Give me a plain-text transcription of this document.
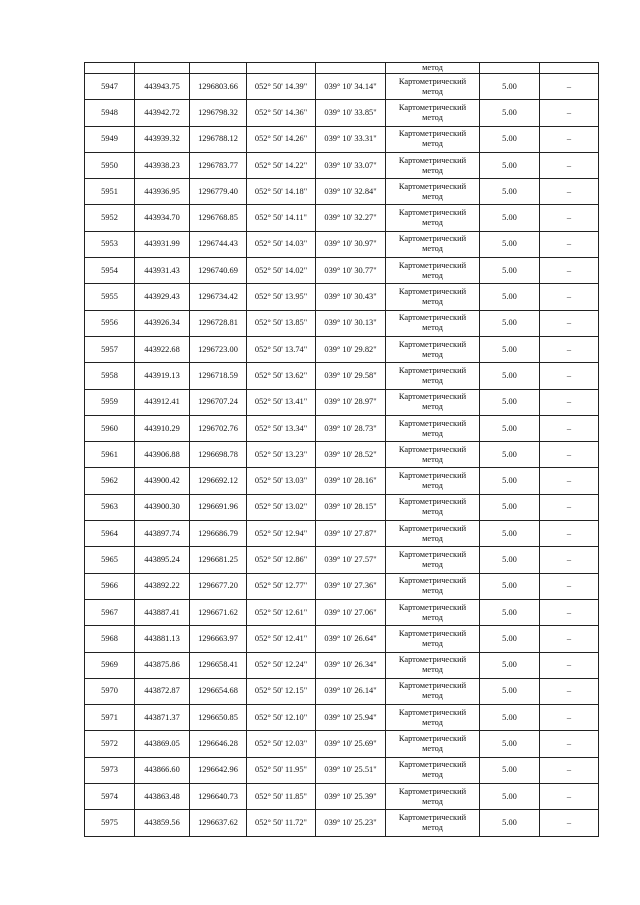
					метод		
5947	443943.75	1296803.66	052° 50' 14.39"	039° 10' 34.14"	Картометрический
метод	5.00	–
5948	443942.72	1296798.32	052° 50' 14.36"	039° 10' 33.85"	Картометрический
метод	5.00	–
5949	443939.32	1296788.12	052° 50' 14.26"	039° 10' 33.31"	Картометрический
метод	5.00	–
5950	443938.23	1296783.77	052° 50' 14.22"	039° 10' 33.07"	Картометрический
метод	5.00	–
5951	443936.95	1296779.40	052° 50' 14.18"	039° 10' 32.84"	Картометрический
метод	5.00	–
5952	443934.70	1296768.85	052° 50' 14.11"	039° 10' 32.27"	Картометрический
метод	5.00	–
5953	443931.99	1296744.43	052° 50' 14.03"	039° 10' 30.97"	Картометрический
метод	5.00	–
5954	443931.43	1296740.69	052° 50' 14.02"	039° 10' 30.77"	Картометрический
метод	5.00	–
5955	443929.43	1296734.42	052° 50' 13.95"	039° 10' 30.43"	Картометрический
метод	5.00	–
5956	443926.34	1296728.81	052° 50' 13.85"	039° 10' 30.13"	Картометрический
метод	5.00	–
5957	443922.68	1296723.00	052° 50' 13.74"	039° 10' 29.82"	Картометрический
метод	5.00	–
5958	443919.13	1296718.59	052° 50' 13.62"	039° 10' 29.58"	Картометрический
метод	5.00	–
5959	443912.41	1296707.24	052° 50' 13.41"	039° 10' 28.97"	Картометрический
метод	5.00	–
5960	443910.29	1296702.76	052° 50' 13.34"	039° 10' 28.73"	Картометрический
метод	5.00	–
5961	443906.88	1296698.78	052° 50' 13.23"	039° 10' 28.52"	Картометрический
метод	5.00	–
5962	443900.42	1296692.12	052° 50' 13.03"	039° 10' 28.16"	Картометрический
метод	5.00	–
5963	443900.30	1296691.96	052° 50' 13.02"	039° 10' 28.15"	Картометрический
метод	5.00	–
5964	443897.74	1296686.79	052° 50' 12.94"	039° 10' 27.87"	Картометрический
метод	5.00	–
5965	443895.24	1296681.25	052° 50' 12.86"	039° 10' 27.57"	Картометрический
метод	5.00	–
5966	443892.22	1296677.20	052° 50' 12.77"	039° 10' 27.36"	Картометрический
метод	5.00	–
5967	443887.41	1296671.62	052° 50' 12.61"	039° 10' 27.06"	Картометрический
метод	5.00	–
5968	443881.13	1296663.97	052° 50' 12.41"	039° 10' 26.64"	Картометрический
метод	5.00	–
5969	443875.86	1296658.41	052° 50' 12.24"	039° 10' 26.34"	Картометрический
метод	5.00	–
5970	443872.87	1296654.68	052° 50' 12.15"	039° 10' 26.14"	Картометрический
метод	5.00	–
5971	443871.37	1296650.85	052° 50' 12.10"	039° 10' 25.94"	Картометрический
метод	5.00	–
5972	443869.05	1296646.28	052° 50' 12.03"	039° 10' 25.69"	Картометрический
метод	5.00	–
5973	443866.60	1296642.96	052° 50' 11.95"	039° 10' 25.51"	Картометрический
метод	5.00	–
5974	443863.48	1296640.73	052° 50' 11.85"	039° 10' 25.39"	Картометрический
метод	5.00	–
5975	443859.56	1296637.62	052° 50' 11.72"	039° 10' 25.23"	Картометрический
метод	5.00	–
